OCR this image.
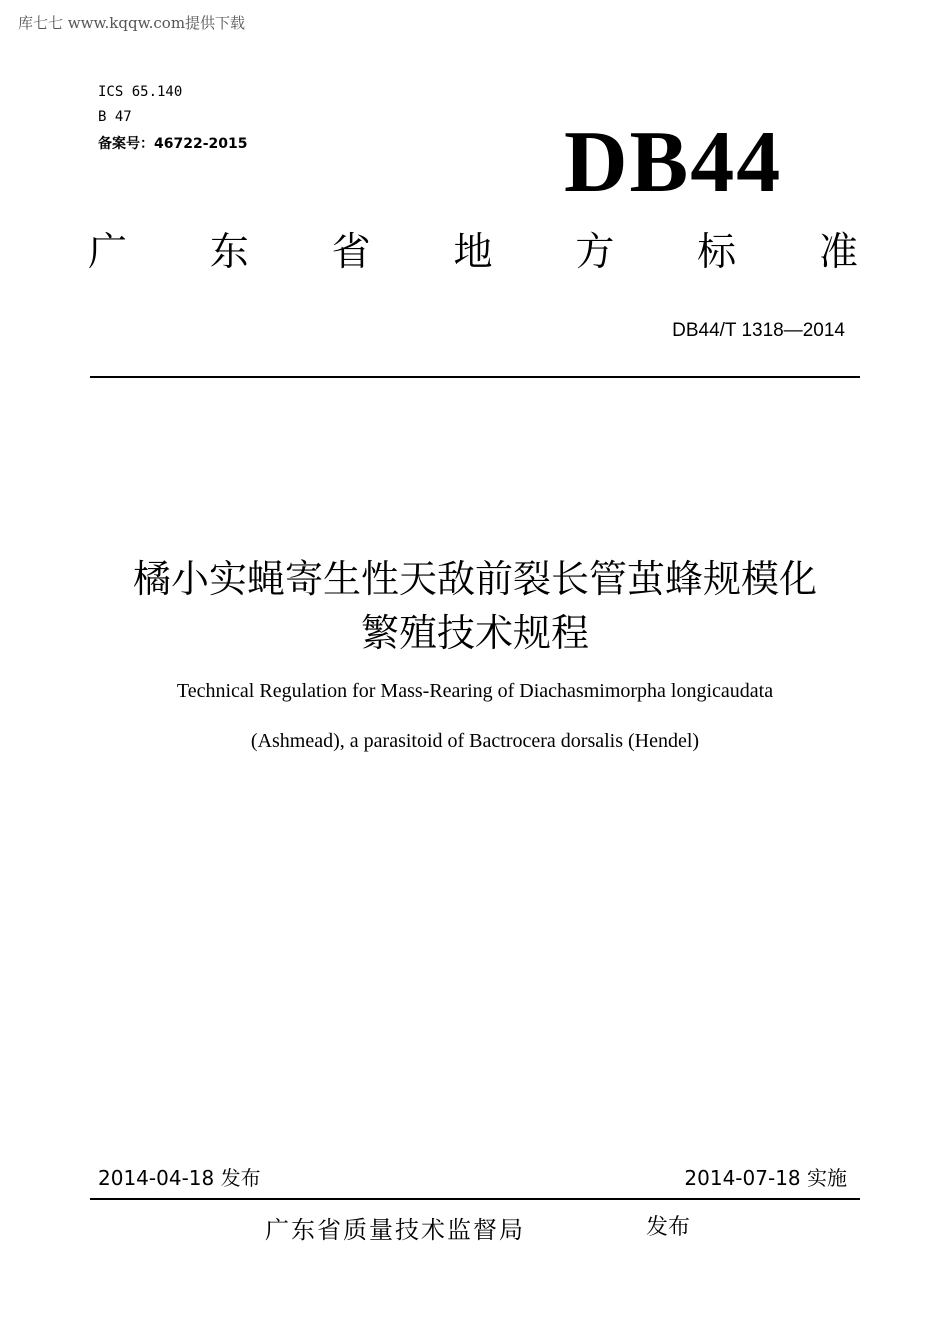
库七七 www.kqqw.com提供下载
ICS 65.140
B 47
备案号：46722-2015	DB44
广 东 省 地 方 标 准
DB44/T 1318—2014
橘小实蝇寄生性天敌前裂长管茧蜂规模化
繁殖技术规程
Technical Regulation for Mass-Rearing of Diachasmimorpha longicaudata
(Ashmead), a parasitoid of Bactrocera dorsalis (Hendel)
2014-04-18 发布	2014-07-18 实施
广东省质量技术监督局	发布
